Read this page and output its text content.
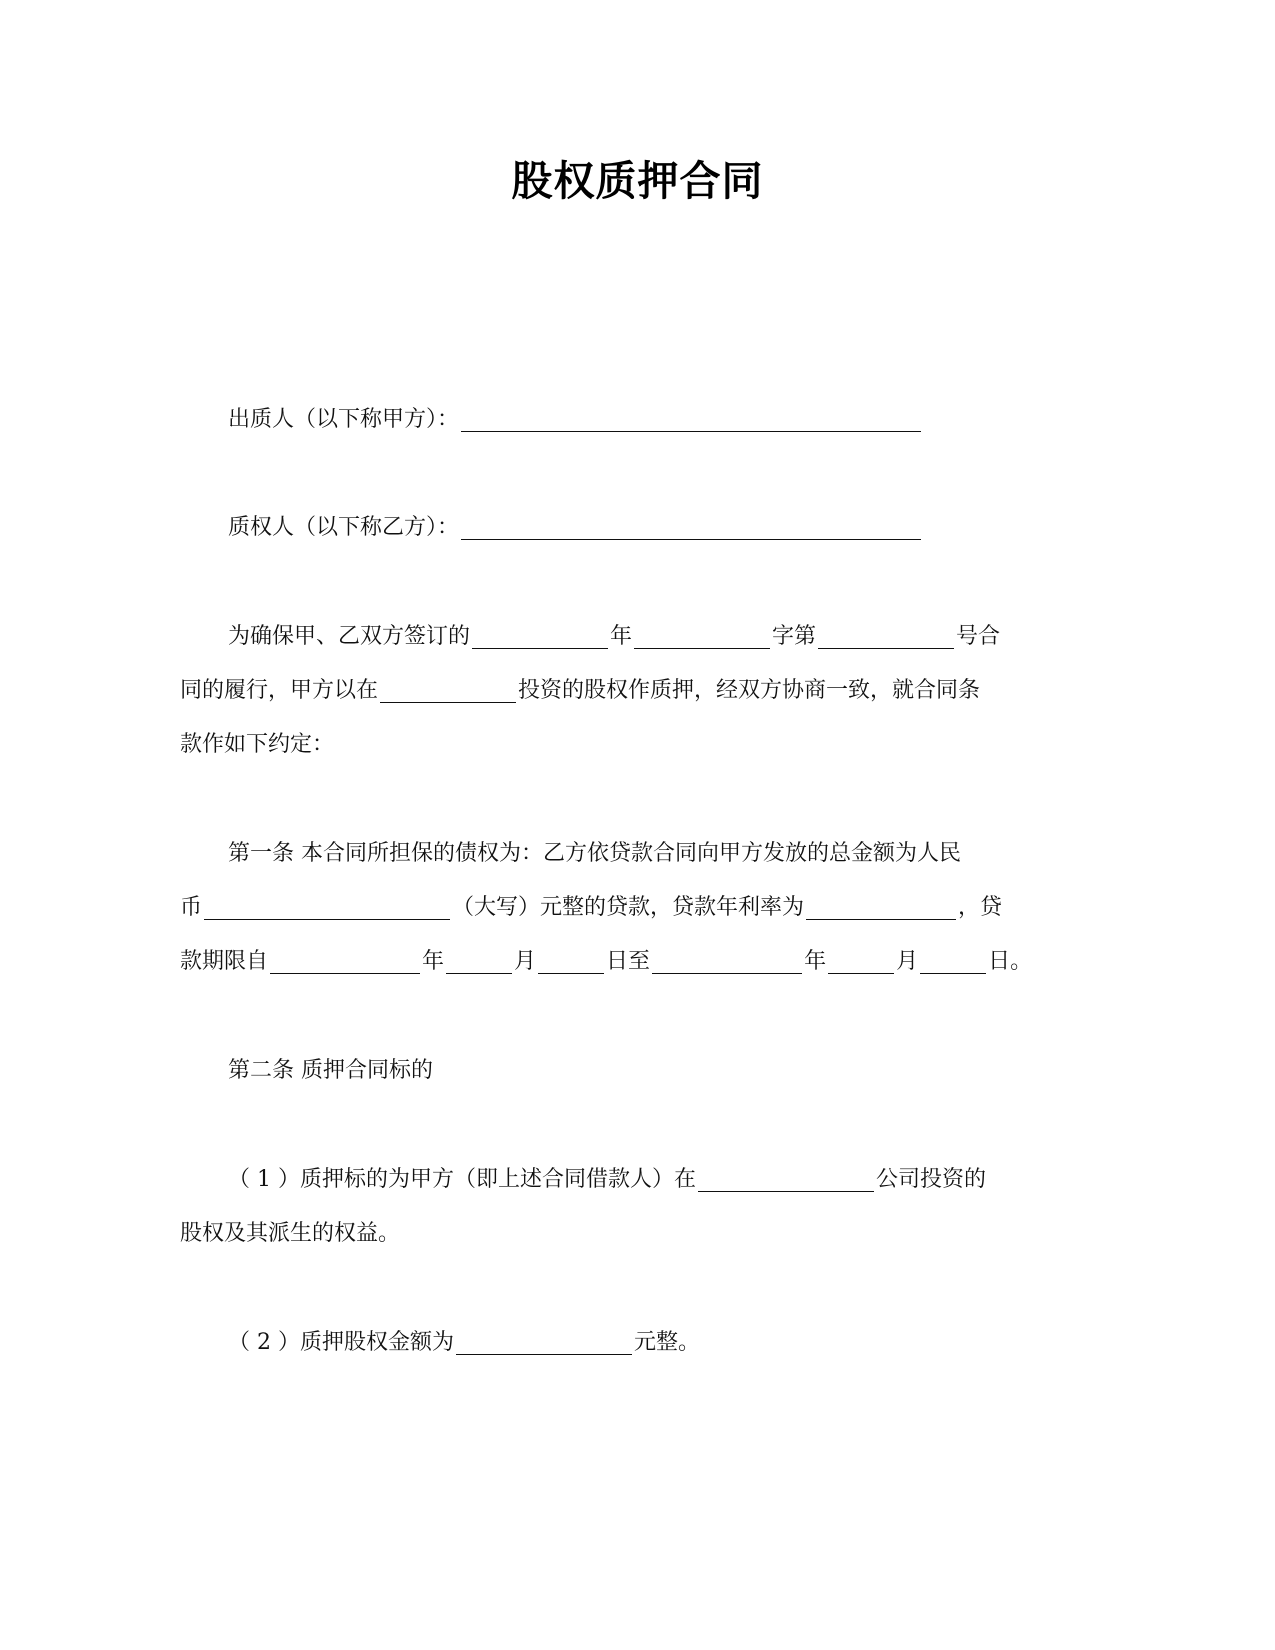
股权质押合同
出质人（以下称甲方）：
质权人（以下称乙方）：
为确保甲、乙双方签订的	年	字第	号合
同的履行，甲方以在	投资的股权作质押，经双方协商一致，就合同条
款作如下约定：
第一条 本合同所担保的债权为：乙方依贷款合同向甲方发放的总金额为人民
币	（大写）元整的贷款，贷款年利率为	，贷
款期限自	年	月	日至	年	月	日。
第二条 质押合同标的
（ 1 ）质押标的为甲方（即上述合同借款人）在	公司投资的
股权及其派生的权益。
（ 2 ）质押股权金额为	元整。
